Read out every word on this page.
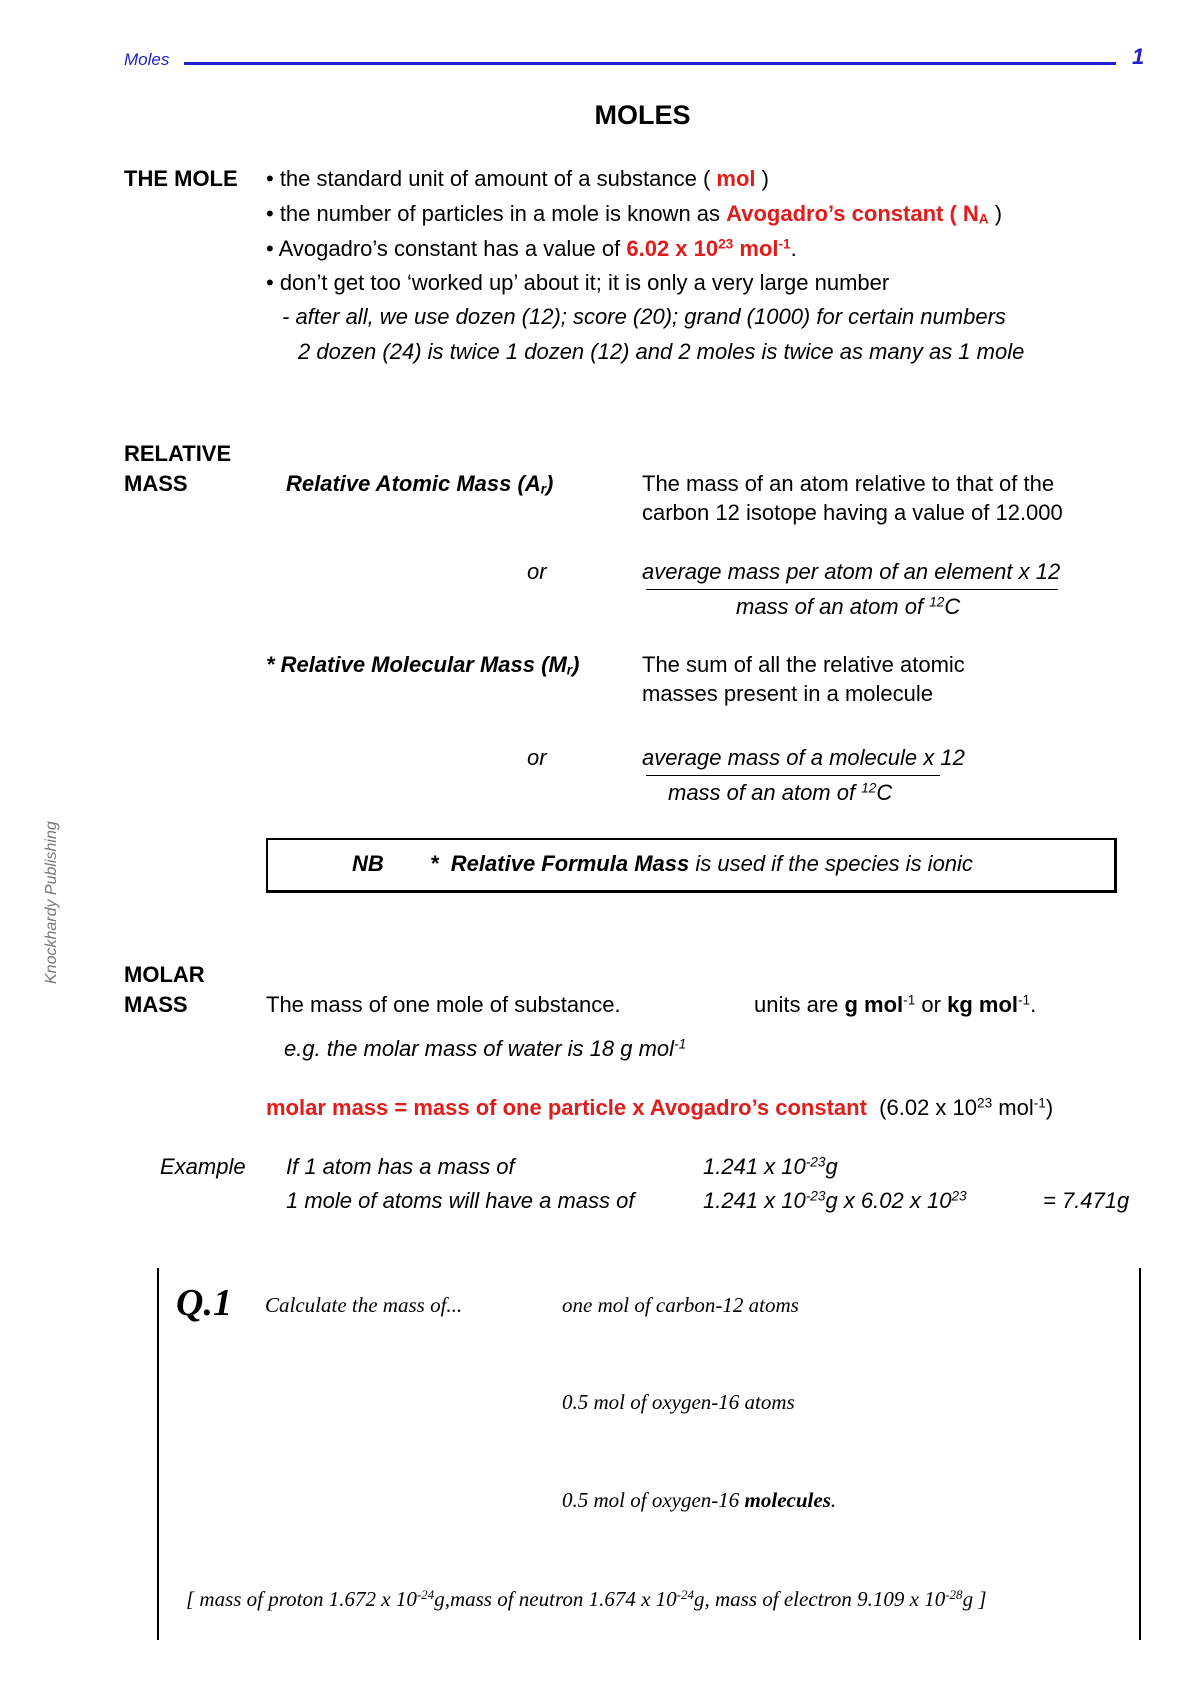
Moles	1
MOLES
Knockhardy Publishing
THE MOLE • the standard unit of amount of a substance ( mol )
• the number of particles in a mole is known as Avogadro’s constant ( $N_A$ )
• Avogadro’s constant has a value of 6.02 x $10^{23}$ mol$^{-1}$.
• don’t get too ‘worked up’ about it; it is only a very large number
- after all, we use dozen (12); score (20); grand (1000) for certain numbers
2 dozen (24) is twice 1 dozen (12) and 2 moles is twice as many as 1 mole
RELATIVE
MASS	Relative Atomic Mass $(A_r)$	The mass of an atom relative to that of the
carbon 12 isotope having a value of 12.000
or	average mass per atom of an element x 12
mass of an atom of $^{12}$C
* Relative Molecular Mass $(M_r)$	The sum of all the relative atomic
masses present in a molecule
or	average mass of a molecule x 12
mass of an atom of $^{12}$C
NB * Relative Formula Mass is used if the species is ionic
MOLAR
MASS	The mass of one mole of substance.	units are g mol$^{-1}$ or kg mol$^{-1}$.
e.g. the molar mass of water is 18 g mol$^{-1}$
molar mass = mass of one particle x Avogadro’s constant (6.02 x $10^{23}$ mol$^{-1}$)
Example If 1 atom has a mass of	1.241 x $10^{-23}g$
1 mole of atoms will have a mass of	1.241 x $10^{-23}g$ x 6.02 x $10^{23}$	= 7.471g
Q.1 Calculate the mass of...	one mol of carbon-12 atoms
0.5 mol of oxygen-16 atoms
0.5 mol of oxygen-16 molecules.
[ mass of proton 1.672 x $10^{-24}g,mass$ of neutron 1.674 x $10^{-24}g$, mass of electron 9.109 x $10^{-28}g$ ]
